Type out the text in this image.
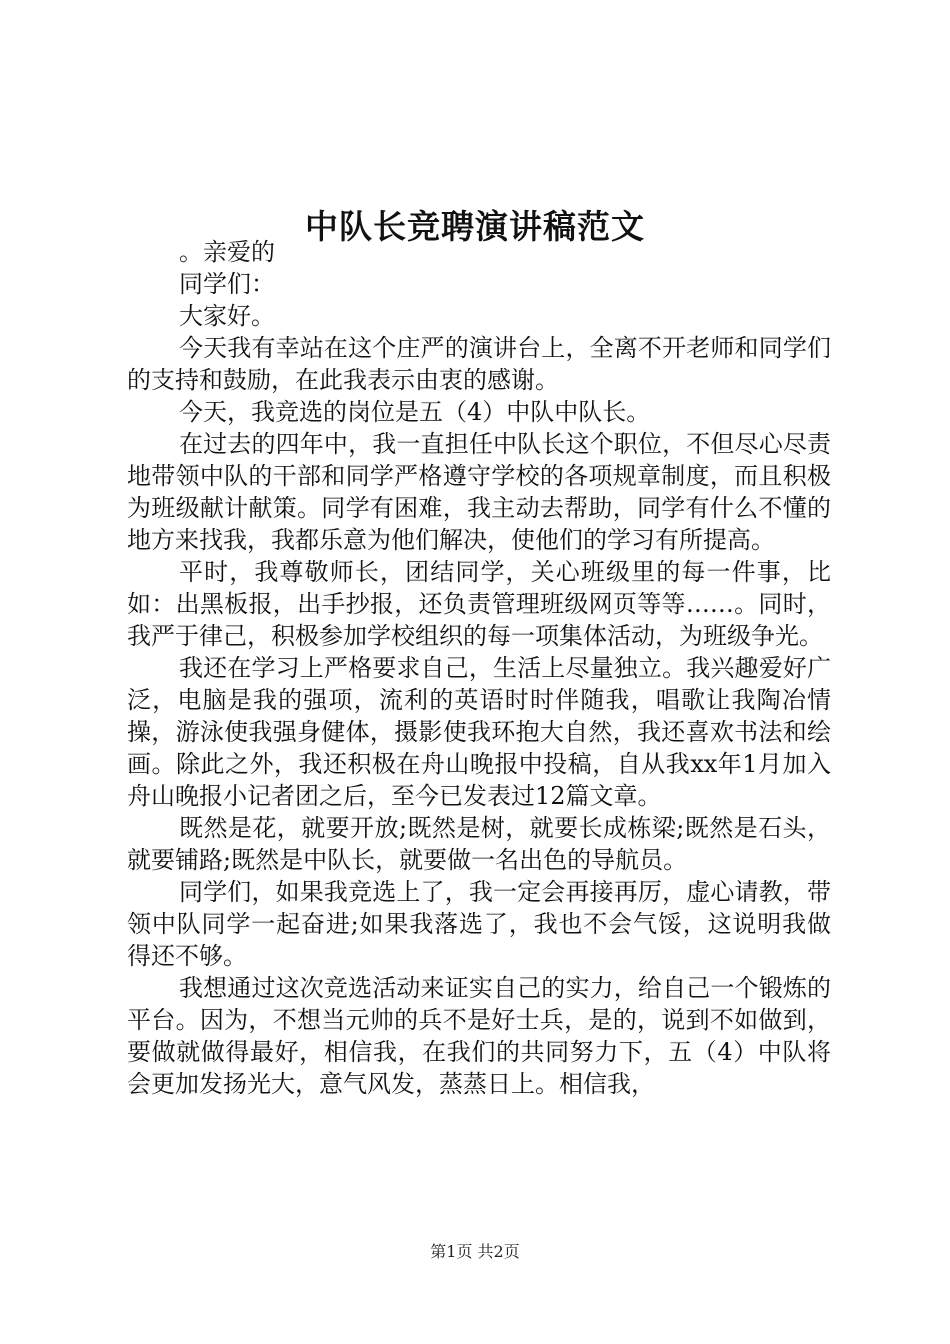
中队长竞聘演讲稿范文

。亲爱的

同学们：

大家好。

今天我有幸站在这个庄严的演讲台上，全离不开老师和同学们的支持和鼓励，在此我表示由衷的感谢。

今天，我竞选的岗位是五（4）中队中队长。

在过去的四年中，我一直担任中队长这个职位，不但尽心尽责地带领中队的干部和同学严格遵守学校的各项规章制度，而且积极为班级献计献策。同学有困难，我主动去帮助，同学有什么不懂的地方来找我，我都乐意为他们解决，使他们的学习有所提高。

平时，我尊敬师长，团结同学，关心班级里的每一件事，比如：出黑板报，出手抄报，还负责管理班级网页等等……。同时，我严于律己，积极参加学校组织的每一项集体活动，为班级争光。

我还在学习上严格要求自己，生活上尽量独立。我兴趣爱好广泛，电脑是我的强项，流利的英语时时伴随我，唱歌让我陶冶情操，游泳使我强身健体，摄影使我环抱大自然，我还喜欢书法和绘画。除此之外，我还积极在舟山晚报中投稿，自从我xx年1月加入舟山晚报小记者团之后，至今已发表过12篇文章。

既然是花，就要开放;既然是树，就要长成栋梁;既然是石头，就要铺路;既然是中队长，就要做一名出色的导航员。

同学们，如果我竞选上了，我一定会再接再厉，虚心请教，带领中队同学一起奋进;如果我落选了，我也不会气馁，这说明我做得还不够。

我想通过这次竞选活动来证实自己的实力，给自己一个锻炼的平台。因为，不想当元帅的兵不是好士兵，是的，说到不如做到，要做就做得最好，相信我，在我们的共同努力下，五（4）中队将会更加发扬光大，意气风发，蒸蒸日上。相信我，

第1页 共2页
